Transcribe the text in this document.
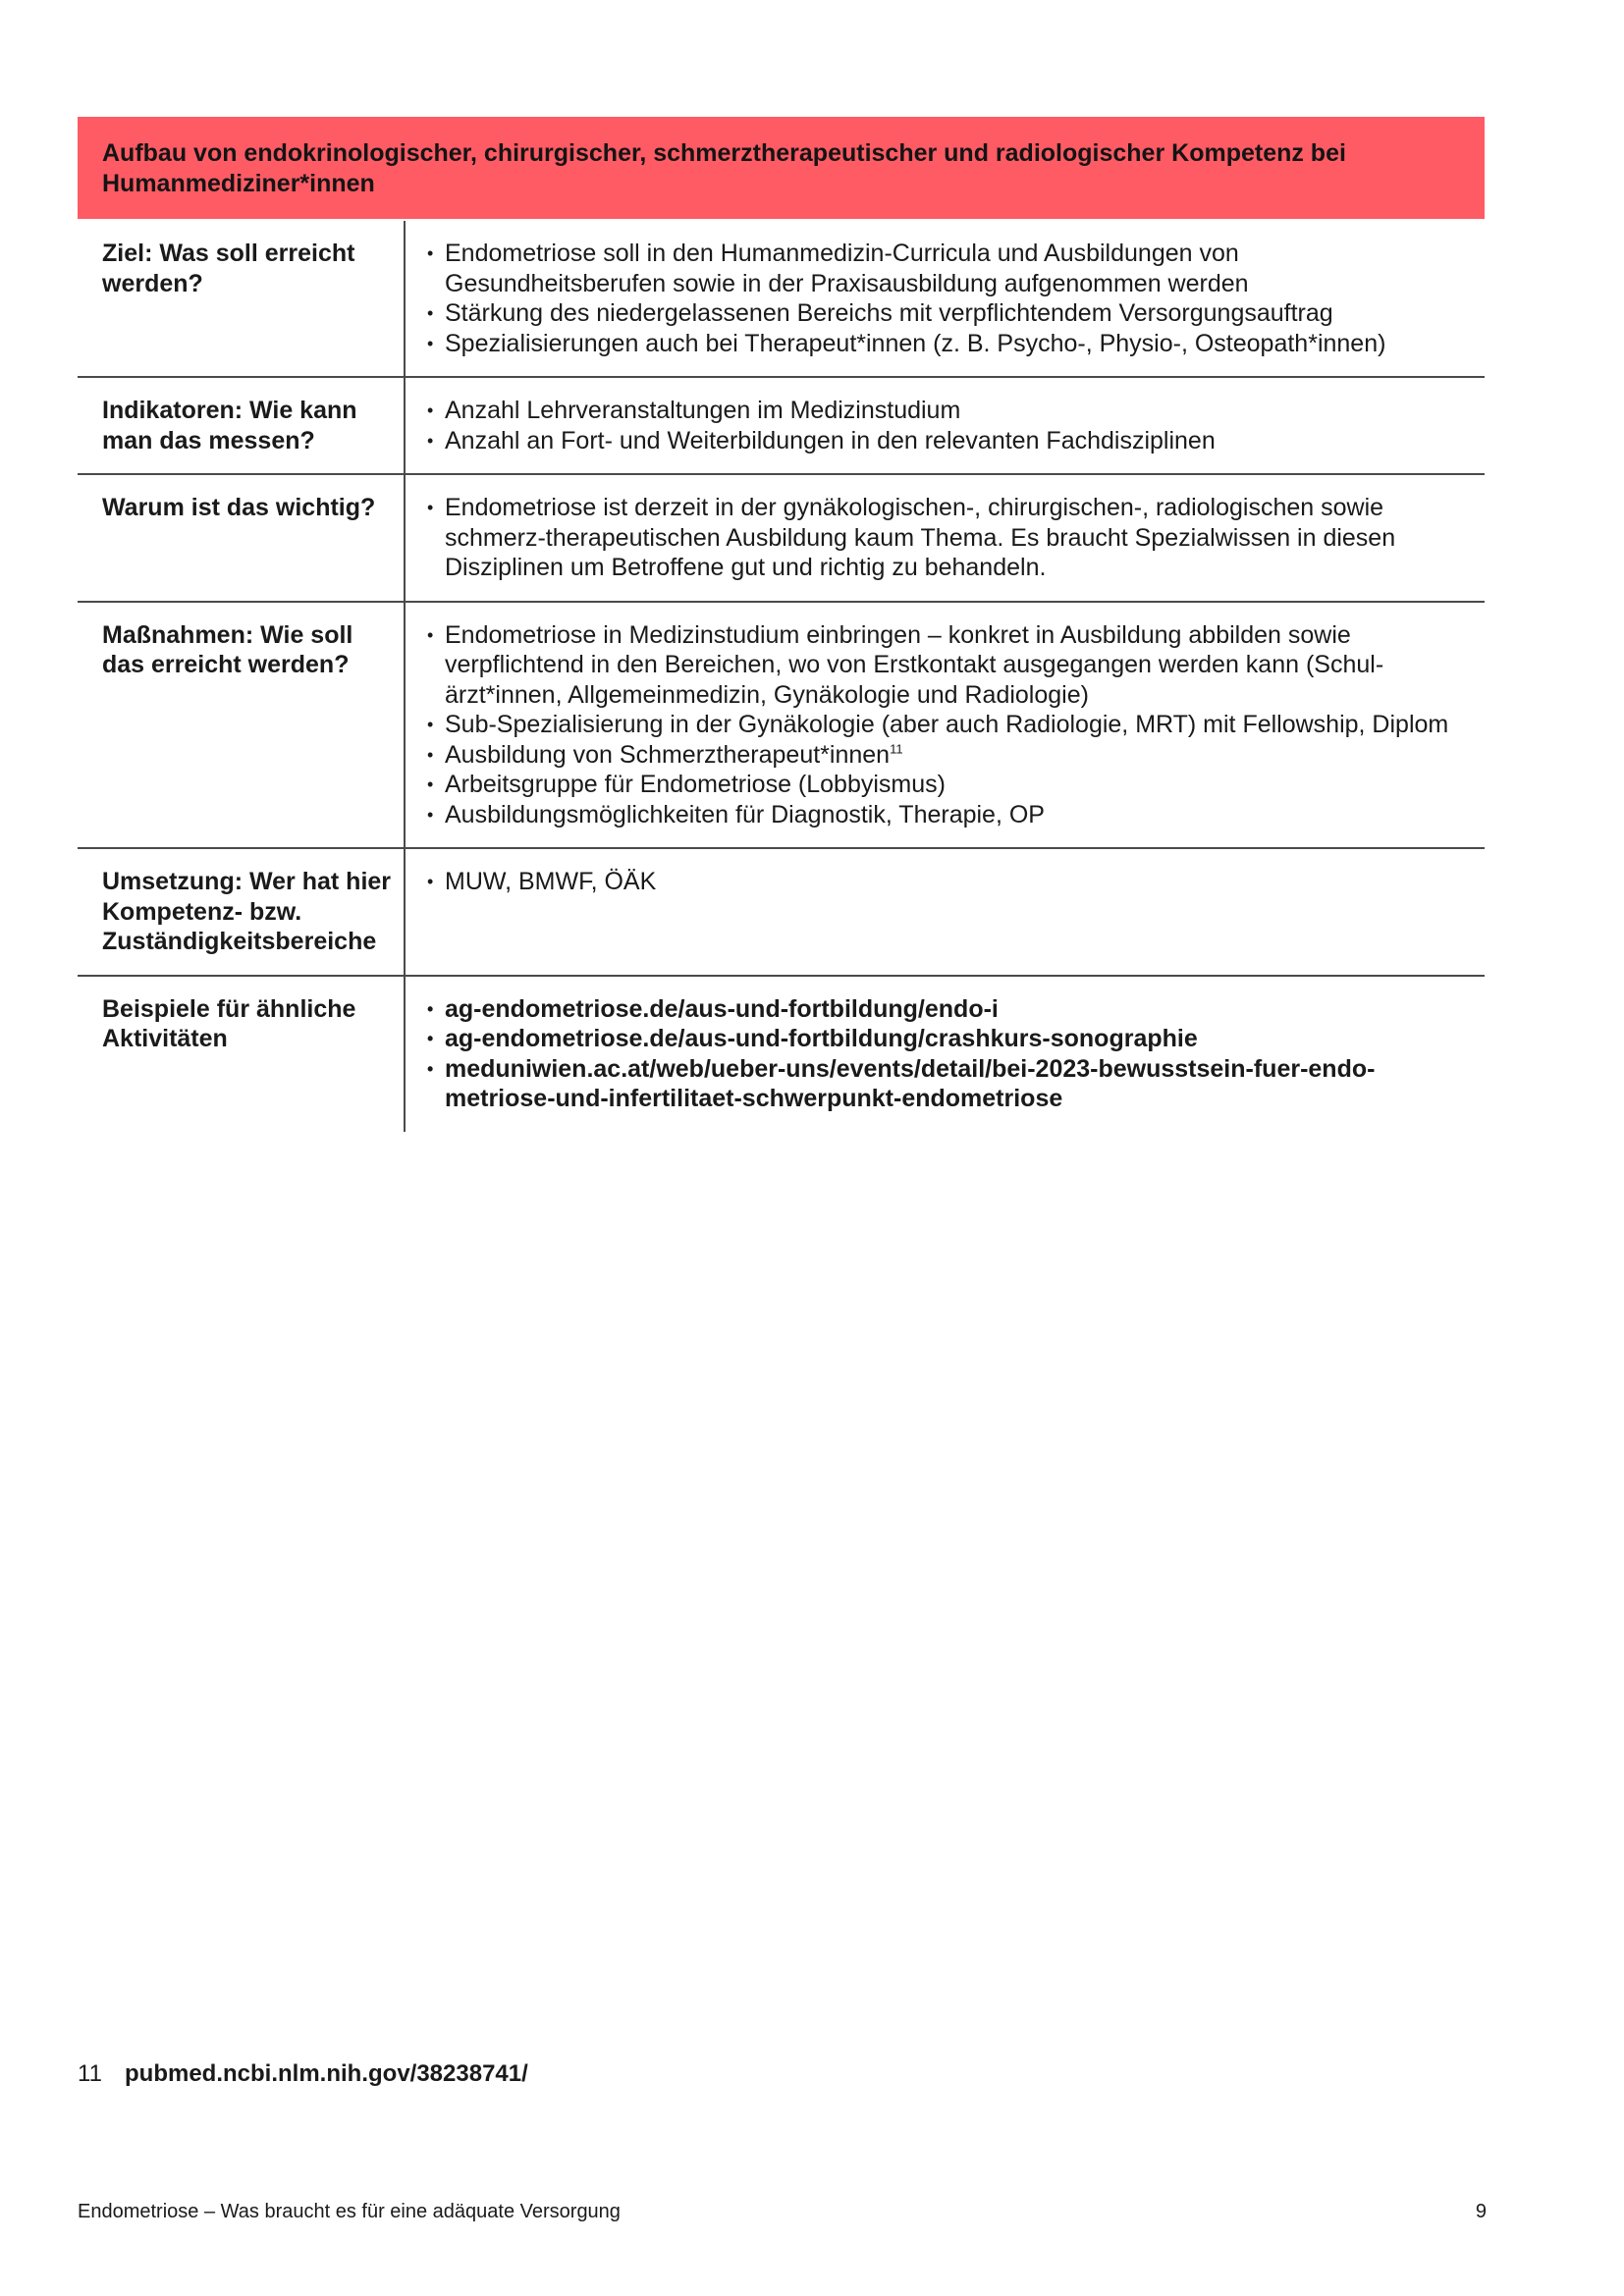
Aufbau von endokrinologischer, chirurgischer, schmerztherapeutischer und radiologischer Kompetenz bei Humanmediziner*innen
Ziel: Was soll erreicht werden?
• Endometriose soll in den Humanmedizin-Curricula und Ausbildungen von Gesundheitsberufen sowie in der Praxisausbildung aufgenommen werden
• Stärkung des niedergelassenen Bereichs mit verpflichtendem Versorgungsauftrag
• Spezialisierungen auch bei Therapeut*innen (z. B. Psycho-, Physio-, Osteopath*innen)
Indikatoren: Wie kann man das messen?
• Anzahl Lehrveranstaltungen im Medizinstudium
• Anzahl an Fort- und Weiterbildungen in den relevanten Fachdisziplinen
Warum ist das wichtig?
•	Endometriose ist derzeit in der gynäkologischen-, chirurgischen-, radiologischen sowie schmerz-therapeutischen Ausbildung kaum Thema. Es braucht Spezialwissen in diesen Disziplinen um Betroffene gut und richtig zu behandeln.
Maßnahmen: Wie soll das erreicht werden?
• Endometriose in Medizinstudium einbringen – konkret in Ausbildung abbilden sowie verpflichtend in den Bereichen, wo von Erstkontakt ausgegangen werden kann (Schul-ärzt*innen, Allgemeinmedizin, Gynäkologie und Radiologie)
• Sub-Spezialisierung in der Gynäkologie (aber auch Radiologie, MRT) mit Fellowship, Diplom
• Ausbildung von Schmerztherapeut*innen$^{11}$
• Arbeitsgruppe für Endometriose (Lobbyismus)
• Ausbildungsmöglichkeiten für Diagnostik, Therapie, OP
Umsetzung: Wer hat hier Kompetenz- bzw. Zuständigkeitsbereiche
• MUW, BMWF, ÖÄK
Beispiele für ähnliche Aktivitäten
• ag-endometriose.de/aus-und-fortbildung/endo-i
• ag-endometriose.de/aus-und-fortbildung/crashkurs-sonographie
• meduniwien.ac.at/web/ueber-uns/events/detail/bei-2023-bewusstsein-fuer-endo-metriose-und-infertilitaet-schwerpunkt-endometriose
11 pubmed.ncbi.nlm.nih.gov/38238741/
Endometriose – Was braucht es für eine adäquate Versorgung	9
